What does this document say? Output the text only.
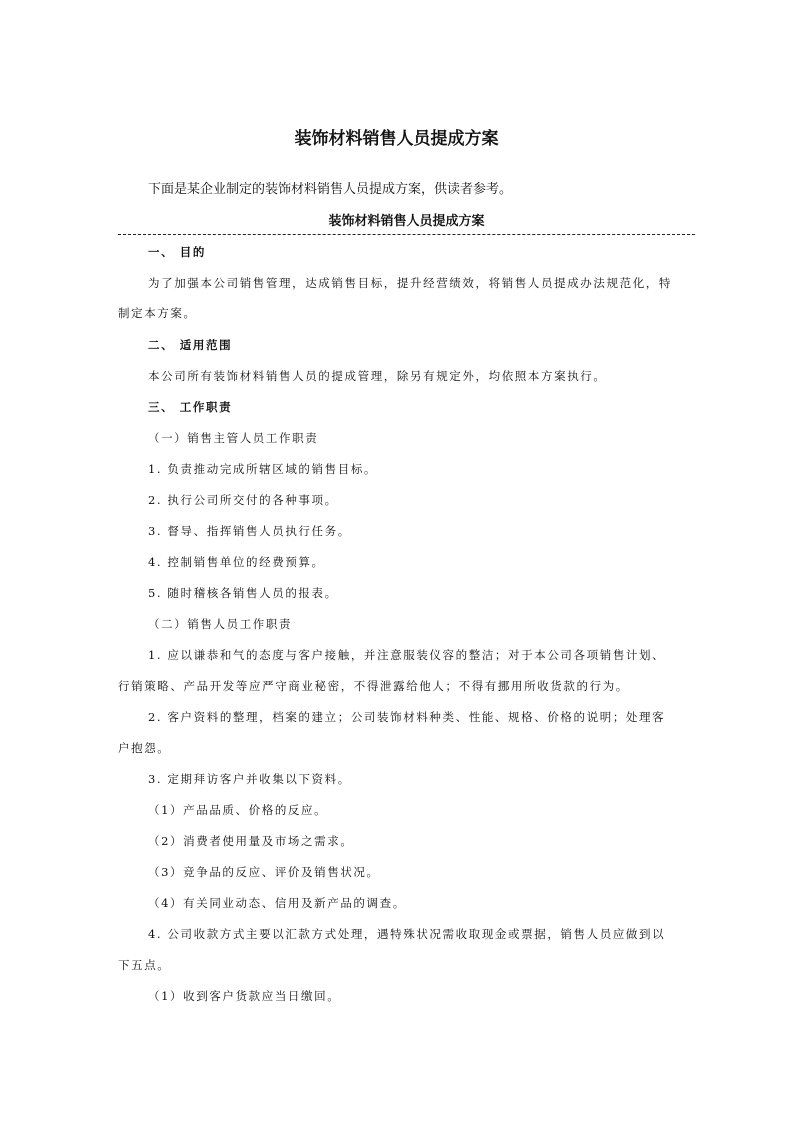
装饰材料销售人员提成方案
下面是某企业制定的装饰材料销售人员提成方案，供读者参考。
装饰材料销售人员提成方案
一、 目的
为了加强本公司销售管理，达成销售目标，提升经营绩效，将销售人员提成办法规范化，特
制定本方案。
二、 适用范围
本公司所有装饰材料销售人员的提成管理，除另有规定外，均依照本方案执行。
三、 工作职责
（一）销售主管人员工作职责
1. 负责推动完成所辖区域的销售目标。
2. 执行公司所交付的各种事项。
3. 督导、指挥销售人员执行任务。
4. 控制销售单位的经费预算。
5. 随时稽核各销售人员的报表。
（二）销售人员工作职责
1. 应以谦恭和气的态度与客户接触，并注意服装仪容的整洁；对于本公司各项销售计划、
行销策略、产品开发等应严守商业秘密，不得泄露给他人；不得有挪用所收货款的行为。
2. 客户资料的整理，档案的建立；公司装饰材料种类、性能、规格、价格的说明；处理客
户抱怨。
3. 定期拜访客户并收集以下资料。
（1）产品品质、价格的反应。
（2）消费者使用量及市场之需求。
（3）竞争品的反应、评价及销售状况。
（4）有关同业动态、信用及新产品的调查。
4. 公司收款方式主要以汇款方式处理，遇特殊状况需收取现金或票据，销售人员应做到以
下五点。
（1）收到客户货款应当日缴回。
